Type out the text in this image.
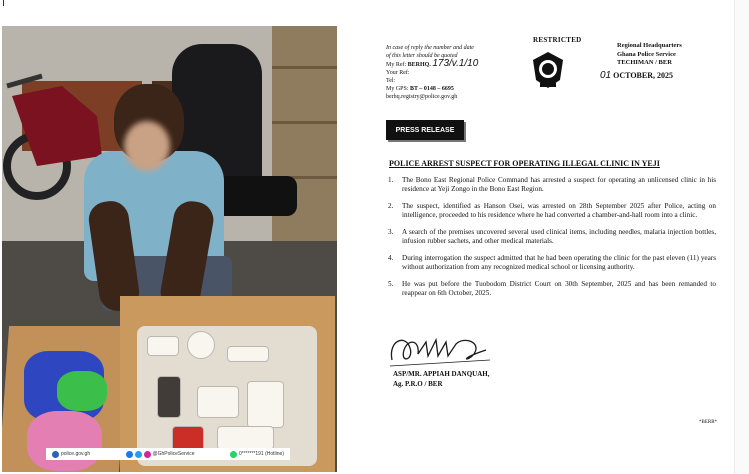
police.gov.gh	@GhPoliceService	0*******191 (Hotline)
In case of reply the number and date
of this letter should be quoted
My Ref: BERHQ. 173/v.1/10
Your Ref:
Tel:
My GPS: BT – 0148 – 6695
berhq.registry@police.gov.gh
RESTRICTED
Regional Headquarters
Ghana Police Service
TECHIMAN / BER
01 OCTOBER, 2025
PRESS RELEASE
POLICE ARREST SUSPECT FOR OPERATING ILLEGAL CLINIC IN YEJI
1.	The Bono East Regional Police Command has arrested a suspect for operating an unlicensed clinic in his residence at Yeji Zongo in the Bono East Region.
2.	The suspect, identified as Hanson Osei, was arrested on 28th September 2025 after Police, acting on intelligence, proceeded to his residence where he had converted a chamber-and-hall room into a clinic.
3.	A search of the premises uncovered several used clinical items, including needles, malaria injection bottles, infusion rubber sachets, and other medical materials.
4.	During interrogation the suspect admitted that he had been operating the clinic for the past eleven (11) years without authorization from any recognized medical school or licensing authority.
5.	He was put before the Tuobodom District Court on 30th September, 2025 and has been remanded to reappear on 6th October, 2025.
ASP/MR. APPIAH DANQUAH,
Ag. P.R.O / BER
*BERR*
